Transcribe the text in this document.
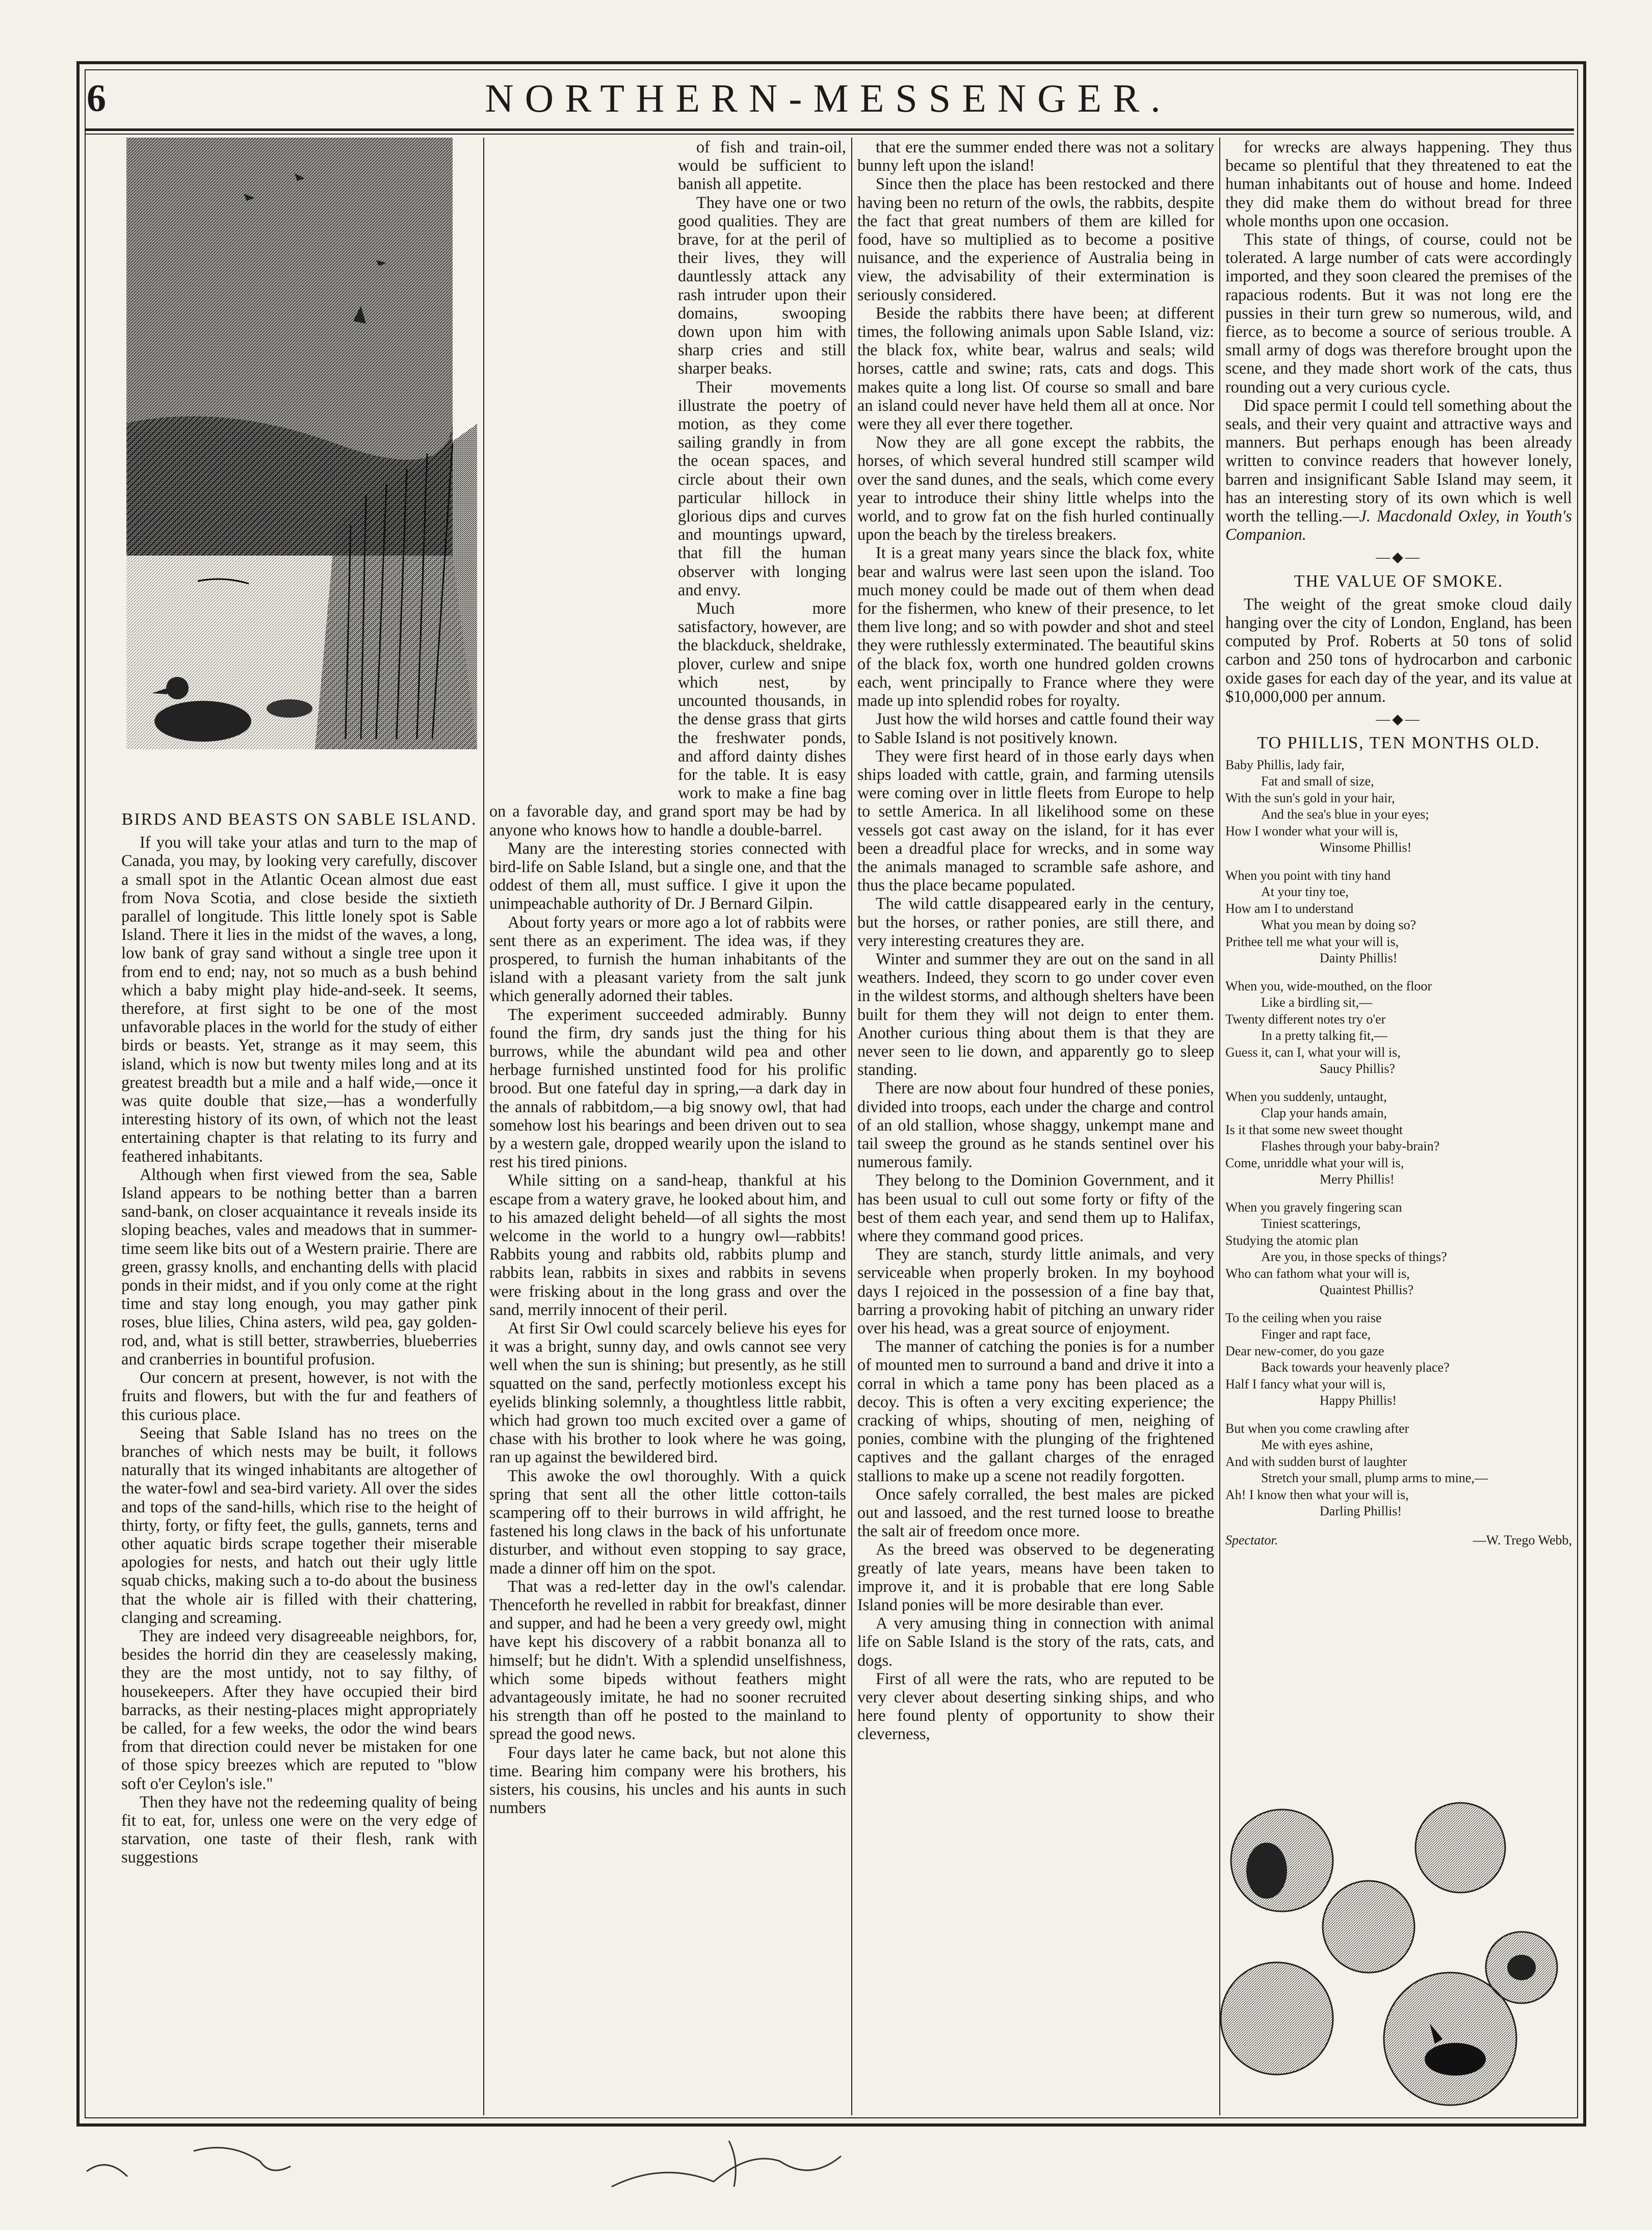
6	NORTHERN-MESSENGER.
BIRDS AND BEASTS ON SABLE ISLAND.

If you will take your atlas and turn to the map of Canada, you may, by looking very carefully, discover a small spot in the Atlantic Ocean almost due east from Nova Scotia, and close beside the sixtieth parallel of longitude. This little lonely spot is Sable Island. There it lies in the midst of the waves, a long, low bank of gray sand without a single tree upon it from end to end; nay, not so much as a bush behind which a baby might play hide-and-seek. It seems, therefore, at first sight to be one of the most unfavorable places in the world for the study of either birds or beasts. Yet, strange as it may seem, this island, which is now but twenty miles long and at its greatest breadth but a mile and a half wide,—once it was quite double that size,—has a wonderfully interesting history of its own, of which not the least entertaining chapter is that relating to its furry and feathered inhabitants.

Although when first viewed from the sea, Sable Island appears to be nothing better than a barren sand-bank, on closer acquaintance it reveals inside its sloping beaches, vales and meadows that in summer-time seem like bits out of a Western prairie. There are green, grassy knolls, and enchanting dells with placid ponds in their midst, and if you only come at the right time and stay long enough, you may gather pink roses, blue lilies, China asters, wild pea, gay golden-rod, and, what is still better, strawberries, blueberries and cranberries in bountiful profusion.

Our concern at present, however, is not with the fruits and flowers, but with the fur and feathers of this curious place.

Seeing that Sable Island has no trees on the branches of which nests may be built, it follows naturally that its winged inhabitants are altogether of the water-fowl and sea-bird variety. All over the sides and tops of the sand-hills, which rise to the height of thirty, forty, or fifty feet, the gulls, gannets, terns and other aquatic birds scrape together their miserable apologies for nests, and hatch out their ugly little squab chicks, making such a to-do about the business that the whole air is filled with their chattering, clanging and screaming.

They are indeed very disagreeable neighbors, for, besides the horrid din they are ceaselessly making, they are the most untidy, not to say filthy, of housekeepers. After they have occupied their bird barracks, as their nesting-places might appropriately be called, for a few weeks, the odor the wind bears from that direction could never be mistaken for one of those spicy breezes which are reputed to "blow soft o'er Ceylon's isle."

Then they have not the redeeming quality of being fit to eat, for, unless one were on the very edge of starvation, one taste of their flesh, rank with suggestions

of fish and train-oil, would be sufficient to banish all appetite.

They have one or two good qualities. They are brave, for at the peril of their lives, they will dauntlessly attack any rash intruder upon their domains, swooping down upon him with sharp cries and still sharper beaks.

Their movements illustrate the poetry of motion, as they come sailing grandly in from the ocean spaces, and circle about their own particular hillock in glorious dips and curves and mountings upward, that fill the human observer with longing and envy.

Much more satisfactory, however, are the blackduck, sheldrake, plover, curlew and snipe which nest, by uncounted thousands, in the dense grass that girts the freshwater ponds, and afford dainty dishes for the table. It is easy work to make a fine bag on a favorable day, and grand sport may be had by anyone who knows how to handle a double-barrel.

Many are the interesting stories connected with bird-life on Sable Island, but a single one, and that the oddest of them all, must suffice. I give it upon the unimpeachable authority of Dr. J Bernard Gilpin.

About forty years or more ago a lot of rabbits were sent there as an experiment. The idea was, if they prospered, to furnish the human inhabitants of the island with a pleasant variety from the salt junk which generally adorned their tables.

The experiment succeeded admirably. Bunny found the firm, dry sands just the thing for his burrows, while the abundant wild pea and other herbage furnished unstinted food for his prolific brood. But one fateful day in spring,—a dark day in the annals of rabbitdom,—a big snowy owl, that had somehow lost his bearings and been driven out to sea by a western gale, dropped wearily upon the island to rest his tired pinions.

While sitting on a sand-heap, thankful at his escape from a watery grave, he looked about him, and to his amazed delight beheld—of all sights the most welcome in the world to a hungry owl—rabbits! Rabbits young and rabbits old, rabbits plump and rabbits lean, rabbits in sixes and rabbits in sevens were frisking about in the long grass and over the sand, merrily innocent of their peril.

At first Sir Owl could scarcely believe his eyes for it was a bright, sunny day, and owls cannot see very well when the sun is shining; but presently, as he still squatted on the sand, perfectly motionless except his eyelids blinking solemnly, a thoughtless little rabbit, which had grown too much excited over a game of chase with his brother to look where he was going, ran up against the bewildered bird.

This awoke the owl thoroughly. With a quick spring that sent all the other little cotton-tails scampering off to their burrows in wild affright, he fastened his long claws in the back of his unfortunate disturber, and without even stopping to say grace, made a dinner off him on the spot.

That was a red-letter day in the owl's calendar. Thenceforth he revelled in rabbit for breakfast, dinner and supper, and had he been a very greedy owl, might have kept his discovery of a rabbit bonanza all to himself; but he didn't. With a splendid unselfishness, which some bipeds without feathers might advantageously imitate, he had no sooner recruited his strength than off he posted to the mainland to spread the good news.

Four days later he came back, but not alone this time. Bearing him company were his brothers, his sisters, his cousins, his uncles and his aunts in such numbers

that ere the summer ended there was not a solitary bunny left upon the island!

Since then the place has been restocked and there having been no return of the owls, the rabbits, despite the fact that great numbers of them are killed for food, have so multiplied as to become a positive nuisance, and the experience of Australia being in view, the advisability of their extermination is seriously considered.

Beside the rabbits there have been; at different times, the following animals upon Sable Island, viz: the black fox, white bear, walrus and seals; wild horses, cattle and swine; rats, cats and dogs. This makes quite a long list. Of course so small and bare an island could never have held them all at once. Nor were they all ever there together.

Now they are all gone except the rabbits, the horses, of which several hundred still scamper wild over the sand dunes, and the seals, which come every year to introduce their shiny little whelps into the world, and to grow fat on the fish hurled continually upon the beach by the tireless breakers.

It is a great many years since the black fox, white bear and walrus were last seen upon the island. Too much money could be made out of them when dead for the fishermen, who knew of their presence, to let them live long; and so with powder and shot and steel they were ruthlessly exterminated. The beautiful skins of the black fox, worth one hundred golden crowns each, went principally to France where they were made up into splendid robes for royalty.

Just how the wild horses and cattle found their way to Sable Island is not positively known.

They were first heard of in those early days when ships loaded with cattle, grain, and farming utensils were coming over in little fleets from Europe to help to settle America. In all likelihood some on these vessels got cast away on the island, for it has ever been a dreadful place for wrecks, and in some way the animals managed to scramble safe ashore, and thus the place became populated.

The wild cattle disappeared early in the century, but the horses, or rather ponies, are still there, and very interesting creatures they are.

Winter and summer they are out on the sand in all weathers. Indeed, they scorn to go under cover even in the wildest storms, and although shelters have been built for them they will not deign to enter them. Another curious thing about them is that they are never seen to lie down, and apparently go to sleep standing.

There are now about four hundred of these ponies, divided into troops, each under the charge and control of an old stallion, whose shaggy, unkempt mane and tail sweep the ground as he stands sentinel over his numerous family.

They belong to the Dominion Government, and it has been usual to cull out some forty or fifty of the best of them each year, and send them up to Halifax, where they command good prices.

They are stanch, sturdy little animals, and very serviceable when properly broken. In my boyhood days I rejoiced in the possession of a fine bay that, barring a provoking habit of pitching an unwary rider over his head, was a great source of enjoyment.

The manner of catching the ponies is for a number of mounted men to surround a band and drive it into a corral in which a tame pony has been placed as a decoy. This is often a very exciting experience; the cracking of whips, shouting of men, neighing of ponies, combine with the plunging of the frightened captives and the gallant charges of the enraged stallions to make up a scene not readily forgotten.

Once safely corralled, the best males are picked out and lassoed, and the rest turned loose to breathe the salt air of freedom once more.

As the breed was observed to be degenerating greatly of late years, means have been taken to improve it, and it is probable that ere long Sable Island ponies will be more desirable than ever.

A very amusing thing in connection with animal life on Sable Island is the story of the rats, cats, and dogs.

First of all were the rats, who are reputed to be very clever about deserting sinking ships, and who here found plenty of opportunity to show their cleverness,

for wrecks are always happening. They thus became so plentiful that they threatened to eat the human inhabitants out of house and home. Indeed they did make them do without bread for three whole months upon one occasion.

This state of things, of course, could not be tolerated. A large number of cats were accordingly imported, and they soon cleared the premises of the rapacious rodents. But it was not long ere the pussies in their turn grew so numerous, wild, and fierce, as to become a source of serious trouble. A small army of dogs was therefore brought upon the scene, and they made short work of the cats, thus rounding out a very curious cycle.

Did space permit I could tell something about the seals, and their very quaint and attractive ways and manners. But perhaps enough has been already written to convince readers that however lonely, barren and insignificant Sable Island may seem, it has an interesting story of its own which is well worth the telling.—J. Macdonald Oxley, in Youth's Companion.

—◆—
THE VALUE OF SMOKE.

The weight of the great smoke cloud daily hanging over the city of London, England, has been computed by Prof. Roberts at 50 tons of solid carbon and 250 tons of hydrocarbon and carbonic oxide gases for each day of the year, and its value at $10,000,000 per annum.

—◆—
TO PHILLIS, TEN MONTHS OLD.
Baby Phillis, lady fair,
Fat and small of size,
With the sun's gold in your hair,
And the sea's blue in your eyes;
How I wonder what your will is,
Winsome Phillis!
When you point with tiny hand
At your tiny toe,
How am I to understand
What you mean by doing so?
Prithee tell me what your will is,
Dainty Phillis!
When you, wide-mouthed, on the floor
Like a birdling sit,—
Twenty different notes try o'er
In a pretty talking fit,—
Guess it, can I, what your will is,
Saucy Phillis?
When you suddenly, untaught,
Clap your hands amain,
Is it that some new sweet thought
Flashes through your baby-brain?
Come, unriddle what your will is,
Merry Phillis!
When you gravely fingering scan
Tiniest scatterings,
Studying the atomic plan
Are you, in those specks of things?
Who can fathom what your will is,
Quaintest Phillis?
To the ceiling when you raise
Finger and rapt face,
Dear new-comer, do you gaze
Back towards your heavenly place?
Half I fancy what your will is,
Happy Phillis!
But when you come crawling after
Me with eyes ashine,
And with sudden burst of laughter
Stretch your small, plump arms to mine,—
Ah! I know then what your will is,
Darling Phillis!
Spectator.	—W. Trego Webb,
